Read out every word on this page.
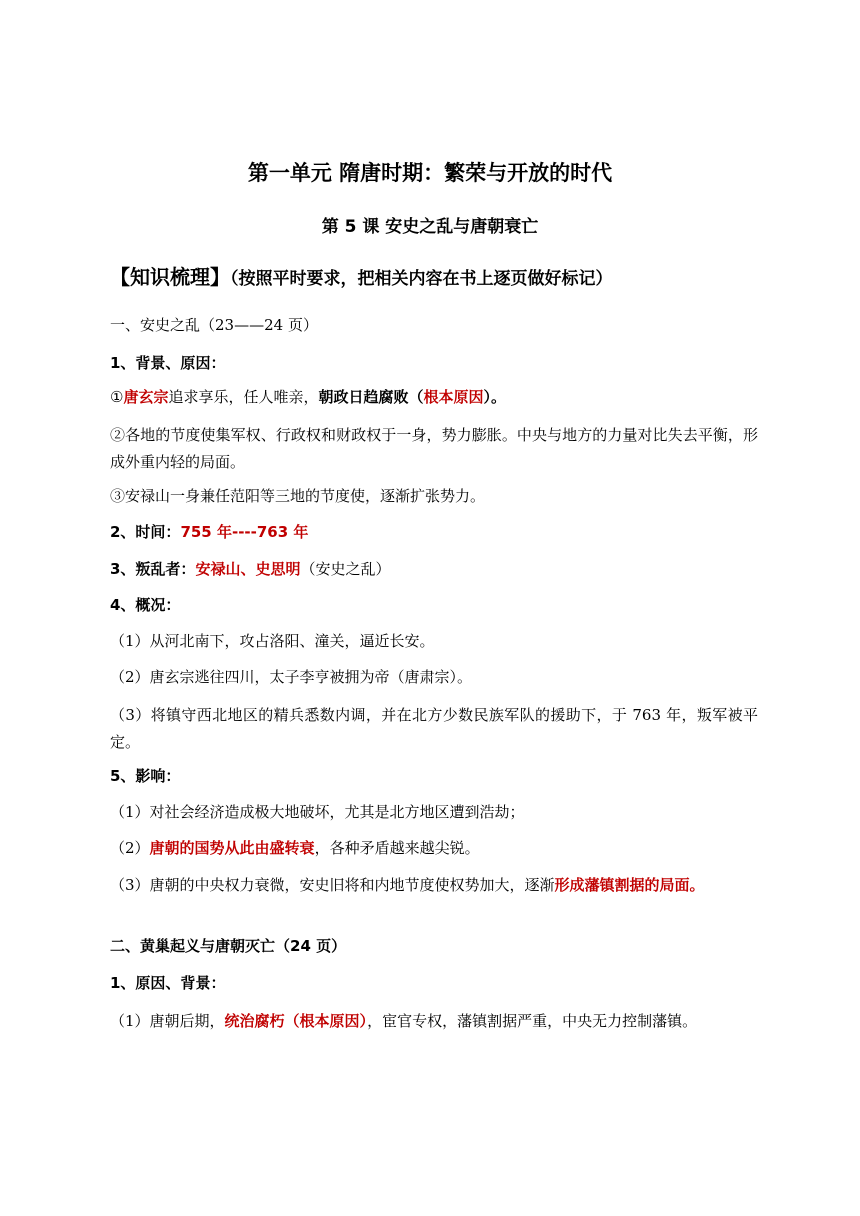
第一单元 隋唐时期：繁荣与开放的时代
第 5 课 安史之乱与唐朝衰亡
【知识梳理】（按照平时要求，把相关内容在书上逐页做好标记）
一、安史之乱（23——24 页）
1、背景、原因：
①唐玄宗追求享乐，任人唯亲，朝政日趋腐败（根本原因）。
②各地的节度使集军权、行政权和财政权于一身，势力膨胀。中央与地方的力量对比失去平衡，形成外重内轻的局面。
③安禄山一身兼任范阳等三地的节度使，逐渐扩张势力。
2、时间：755 年----763 年
3、叛乱者：安禄山、史思明（安史之乱）
4、概况：
（1）从河北南下，攻占洛阳、潼关，逼近长安。
（2）唐玄宗逃往四川，太子李亨被拥为帝（唐肃宗）。
（3）将镇守西北地区的精兵悉数内调，并在北方少数民族军队的援助下，于 763 年，叛军被平定。
5、影响：
（1）对社会经济造成极大地破坏，尤其是北方地区遭到浩劫；
（2）唐朝的国势从此由盛转衰，各种矛盾越来越尖锐。
（3）唐朝的中央权力衰微，安史旧将和内地节度使权势加大，逐渐形成藩镇割据的局面。
二、黄巢起义与唐朝灭亡（24 页）
1、原因、背景：
（1）唐朝后期，统治腐朽（根本原因），宦官专权，藩镇割据严重，中央无力控制藩镇。
